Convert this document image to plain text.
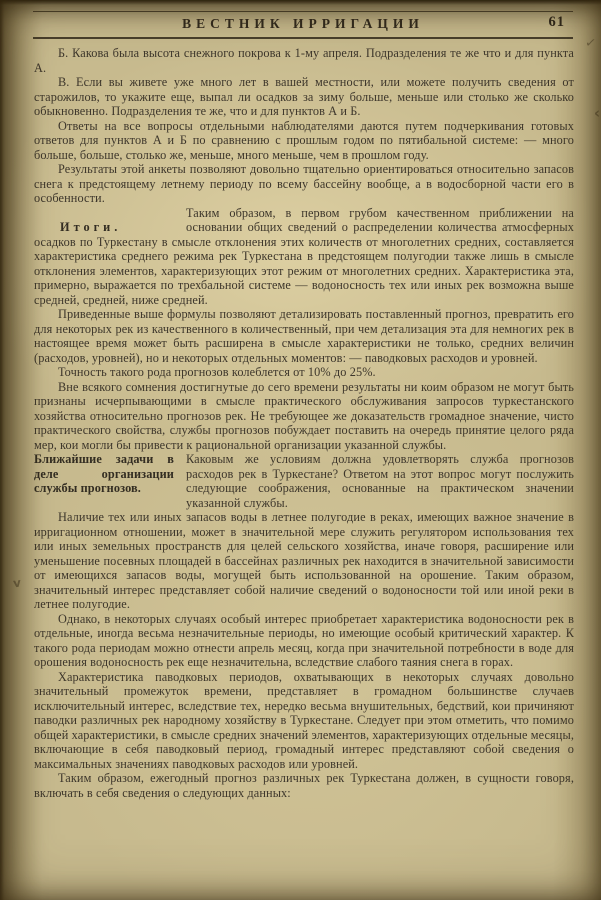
✓
‹
v
ВЕСТНИК ИРРИГАЦИИ	61

Б. Какова была высота снежного покрова к 1-му апреля. Подразделения те же что и для пункта А.

В. Если вы живете уже много лет в вашей местности, или можете получить сведения от старожилов, то укажите еще, выпал ли осадков за зиму больше, меньше или столько же сколько обыкновенно. Подразделения те же, что и для пунктов А и Б.

Ответы на все вопросы отдельными наблюдателями даются путем подчеркивания готовых ответов для пунктов А и Б по сравнению с прошлым годом по пятибальной системе: — много больше, больше, столько же, меньше, много меньше, чем в прошлом году.

Результаты этой анкеты позволяют довольно тщательно ориентироваться относительно запасов снега к предстоящему летнему периоду по всему бассейну вообще, а в водосборной части его в особенности.

Итоги.

Таким образом, в первом грубом качественном приближении на основании общих сведений о распределении количества атмосферных осадков по Туркестану в смысле отклонения этих количеств от многолетних средних, составляется характеристика среднего режима рек Туркестана в предстоящем полугодии также лишь в смысле отклонения элементов, характеризующих этот режим от многолетних средних. Характеристика эта, примерно, выражается по трехбальной системе — водоносность тех или иных рек возможна выше средней, средней, ниже средней.

Приведенные выше формулы позволяют детализировать поставленный прогноз, превратить его для некоторых рек из качественного в количественный, при чем детализация эта для немногих рек в настоящее время может быть расширена в смысле характеристики не только, средних величин (расходов, уровней), но и некоторых отдельных моментов: — паводковых расходов и уровней.

Точность такого рода прогнозов колеблется от 10% до 25%.

Вне всякого сомнения достигнутые до сего времени результаты ни коим образом не могут быть признаны исчерпывающими в смысле практического обслуживания запросов туркестанского хозяйства относительно прогнозов рек. Не требующее же доказательств громадное значение, чисто практического свойства, службы прогнозов побуждает поставить на очередь принятие целого ряда мер, кои могли бы привести к рациональной организации указанной службы.

Ближайшие задачи в деле организации службы прогнозов.

Каковым же условиям должна удовлетворять служба прогнозов расходов рек в Туркестане? Ответом на этот вопрос могут послужить следующие соображения, основанные на практическом значении указанной службы.

Наличие тех или иных запасов воды в летнее полугодие в реках, имеющих важное значение в ирригационном отношении, может в значительной мере служить регулятором использования тех или иных земельных пространств для целей сельского хозяйства, иначе говоря, расширение или уменьшение посевных площадей в бассейнах различных рек находится в значительной зависимости от имеющихся запасов воды, могущей быть использованной на орошение. Таким образом, значительный интерес представляет собой наличие сведений о водоносности той или иной реки в летнее полугодие.

Однако, в некоторых случаях особый интерес приобретает характеристика водоносности рек в отдельные, иногда весьма незначительные периоды, но имеющие особый критический характер. К такого рода периодам можно отнести апрель месяц, когда при значительной потребности в воде для орошения водоносность рек еще незначительна, вследствие слабого таяния снега в горах.

Характеристика паводковых периодов, охватывающих в некоторых случаях довольно значительный промежуток времени, представляет в громадном большинстве случаев исключительный интерес, вследствие тех, нередко весьма внушительных, бедствий, кои причиняют паводки различных рек народному хозяйству в Туркестане. Следует при этом отметить, что помимо общей характеристики, в смысле средних значений элементов, характеризующих отдельные месяцы, включающие в себя паводковый период, громадный интерес представляют собой сведения о максимальных значениях паводковых расходов или уровней.

Таким образом, ежегодный прогноз различных рек Туркестана должен, в сущности говоря, включать в себя сведения о следующих данных:
